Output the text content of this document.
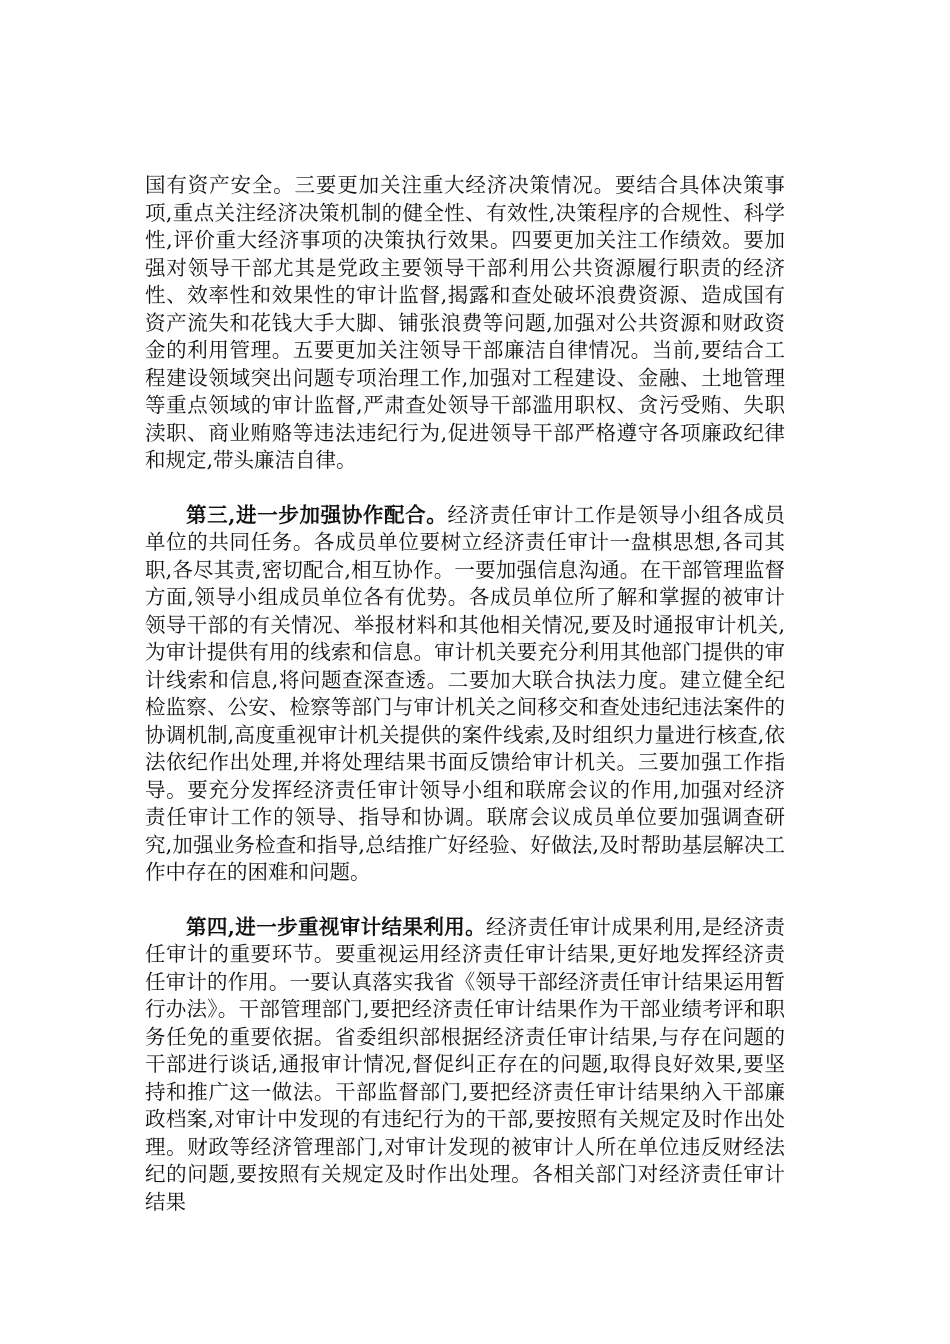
国有资产安全。三要更加关注重大经济决策情况。要结合具体决策事项,重点关注经济决策机制的健全性、有效性,决策程序的合规性、科学性,评价重大经济事项的决策执行效果。四要更加关注工作绩效。要加强对领导干部尤其是党政主要领导干部利用公共资源履行职责的经济性、效率性和效果性的审计监督,揭露和查处破坏浪费资源、造成国有资产流失和花钱大手大脚、铺张浪费等问题,加强对公共资源和财政资金的利用管理。五要更加关注领导干部廉洁自律情况。当前,要结合工程建设领域突出问题专项治理工作,加强对工程建设、金融、土地管理等重点领域的审计监督,严肃查处领导干部滥用职权、贪污受贿、失职渎职、商业贿赂等违法违纪行为,促进领导干部严格遵守各项廉政纪律和规定,带头廉洁自律。

第三,进一步加强协作配合。经济责任审计工作是领导小组各成员单位的共同任务。各成员单位要树立经济责任审计一盘棋思想,各司其职,各尽其责,密切配合,相互协作。一要加强信息沟通。在干部管理监督方面,领导小组成员单位各有优势。各成员单位所了解和掌握的被审计领导干部的有关情况、举报材料和其他相关情况,要及时通报审计机关,为审计提供有用的线索和信息。审计机关要充分利用其他部门提供的审计线索和信息,将问题查深查透。二要加大联合执法力度。建立健全纪检监察、公安、检察等部门与审计机关之间移交和查处违纪违法案件的协调机制,高度重视审计机关提供的案件线索,及时组织力量进行核查,依法依纪作出处理,并将处理结果书面反馈给审计机关。三要加强工作指导。要充分发挥经济责任审计领导小组和联席会议的作用,加强对经济责任审计工作的领导、指导和协调。联席会议成员单位要加强调查研究,加强业务检查和指导,总结推广好经验、好做法,及时帮助基层解决工作中存在的困难和问题。

第四,进一步重视审计结果利用。经济责任审计成果利用,是经济责任审计的重要环节。要重视运用经济责任审计结果,更好地发挥经济责任审计的作用。一要认真落实我省《领导干部经济责任审计结果运用暂行办法》。干部管理部门,要把经济责任审计结果作为干部业绩考评和职务任免的重要依据。省委组织部根据经济责任审计结果,与存在问题的干部进行谈话,通报审计情况,督促纠正存在的问题,取得良好效果,要坚持和推广这一做法。干部监督部门,要把经济责任审计结果纳入干部廉政档案,对审计中发现的有违纪行为的干部,要按照有关规定及时作出处理。财政等经济管理部门,对审计发现的被审计人所在单位违反财经法纪的问题,要按照有关规定及时作出处理。各相关部门对经济责任审计结果
